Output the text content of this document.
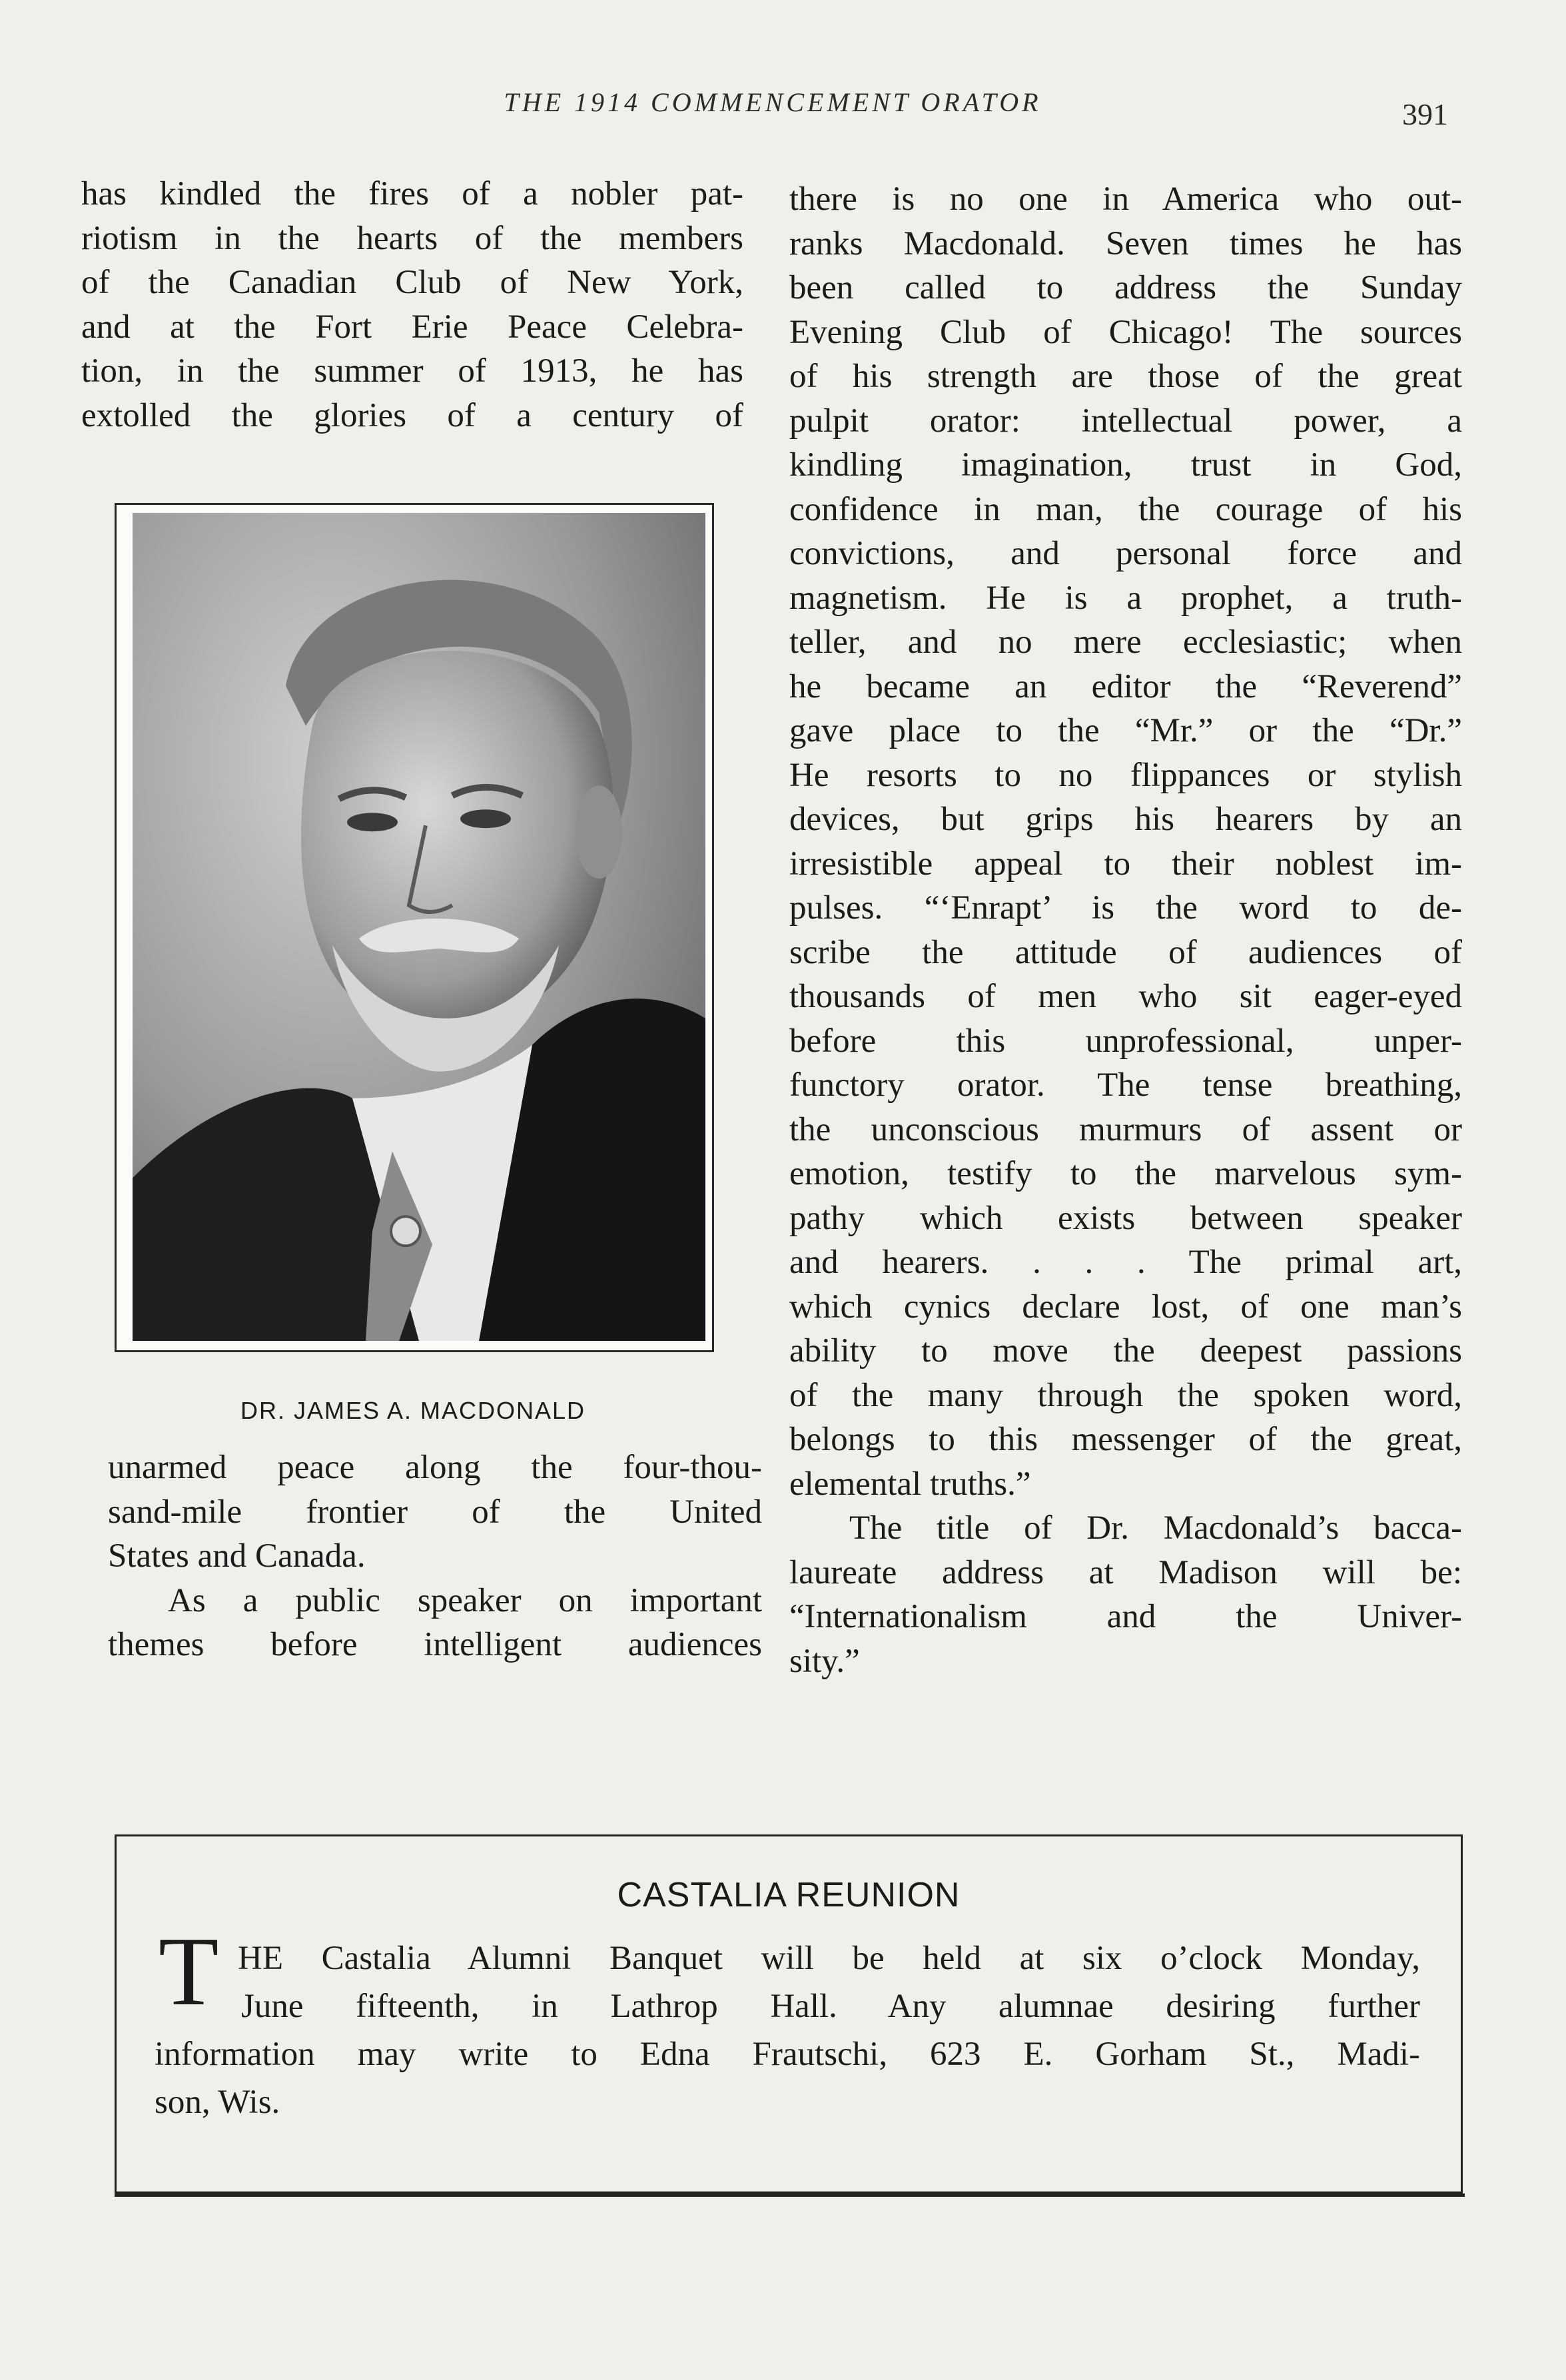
THE 1914 COMMENCEMENT ORATOR	391
has kindled the fires of a nobler pat-
riotism in the hearts of the members
of the Canadian Club of New York,
and at the Fort Erie Peace Celebra-
tion, in the summer of 1913, he has
extolled the glories of a century of
DR. JAMES A. MACDONALD
unarmed peace along the four-thou-
sand-mile frontier of the United
States and Canada.
As a public speaker on important
themes before intelligent audiences
there is no one in America who out-
ranks Macdonald. Seven times he has
been called to address the Sunday
Evening Club of Chicago! The sources
of his strength are those of the great
pulpit orator: intellectual power, a
kindling imagination, trust in God,
confidence in man, the courage of his
convictions, and personal force and
magnetism. He is a prophet, a truth-
teller, and no mere ecclesiastic; when
he became an editor the “Reverend”
gave place to the “Mr.” or the “Dr.”
He resorts to no flippances or stylish
devices, but grips his hearers by an
irresistible appeal to their noblest im-
pulses. “‘Enrapt’ is the word to de-
scribe the attitude of audiences of
thousands of men who sit eager-eyed
before this unprofessional, unper-
functory orator. The tense breathing,
the unconscious murmurs of assent or
emotion, testify to the marvelous sym-
pathy which exists between speaker
and hearers. . . . The primal art,
which cynics declare lost, of one man’s
ability to move the deepest passions
of the many through the spoken word,
belongs to this messenger of the great,
elemental truths.”
The title of Dr. Macdonald’s bacca-
laureate address at Madison will be:
“Internationalism and the Univer-
sity.”
CASTALIA REUNION
T HE Castalia Alumni Banquet will be held at six o’clock Monday,
June fifteenth, in Lathrop Hall. Any alumnae desiring further
information may write to Edna Frautschi, 623 E. Gorham St., Madi-
son, Wis.
